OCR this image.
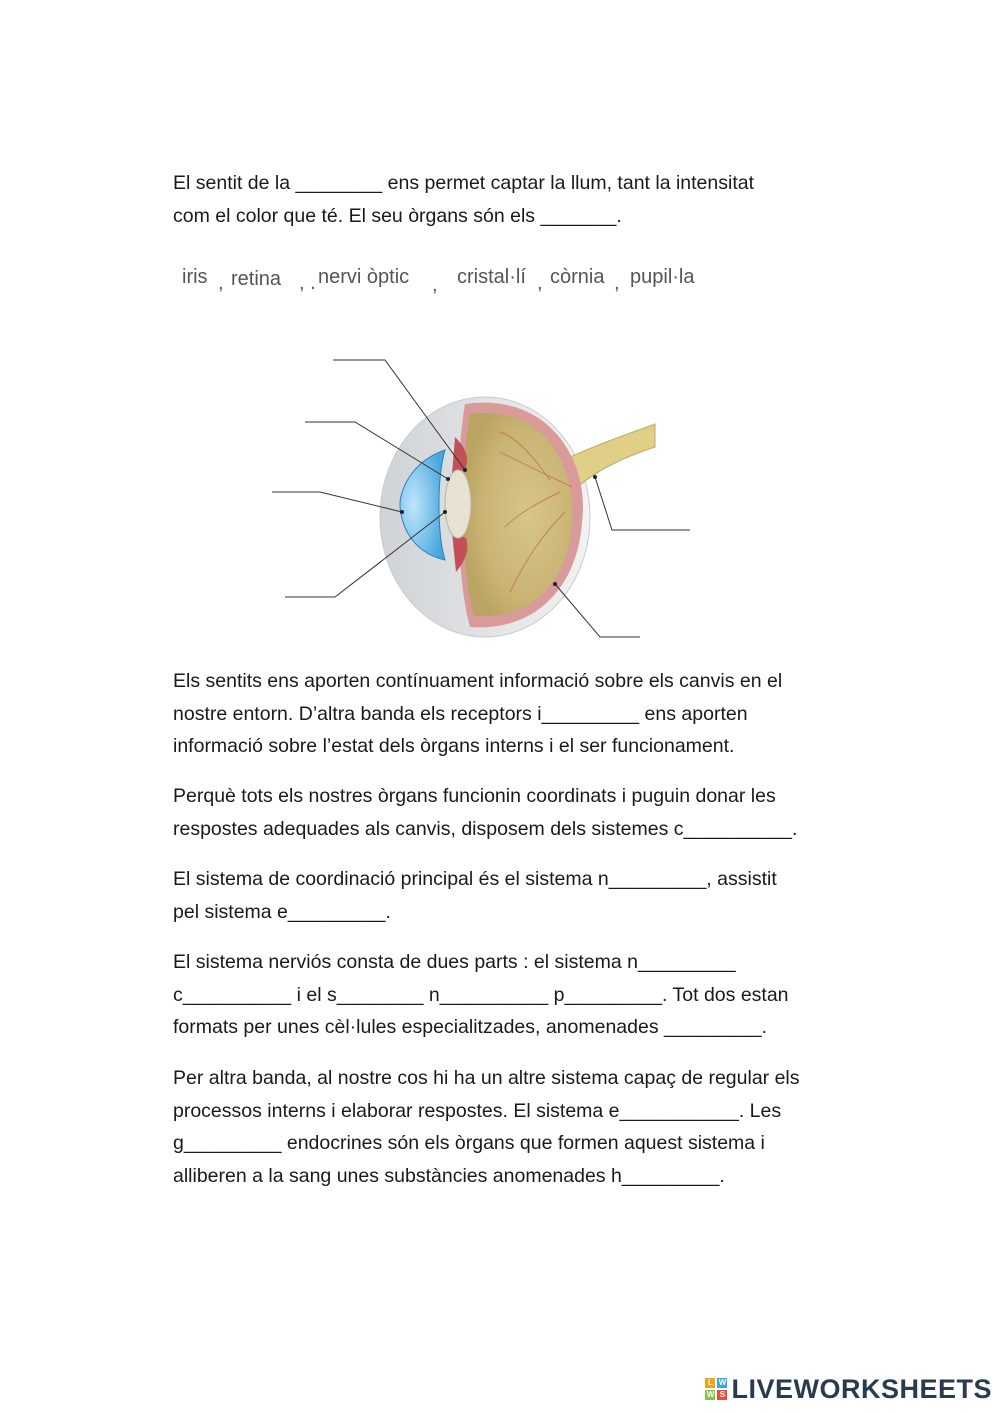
El sentit de la ________ ens permet captar la llum, tant la intensitat
com el color que té. El seu òrgans són els _______.
iris , retina , . nervi òptic , cristal·lí , còrnia , pupil·la
Els sentits ens aporten contínuament informació sobre els canvis en el
nostre entorn. D’altra banda els receptors i_________ ens aporten
informació sobre l’estat dels òrgans interns i el ser funcionament.
Perquè tots els nostres òrgans funcionin coordinats i puguin donar les
respostes adequades als canvis, disposem dels sistemes c__________.
El sistema de coordinació principal és el sistema n_________, assistit
pel sistema e_________.
El sistema nerviós consta de dues parts : el sistema n_________
c__________ i el s________ n__________ p_________. Tot dos estan
formats per unes cèl·lules especialitzades, anomenades _________.
Per altra banda, al nostre cos hi ha un altre sistema capaç de regular els
processos interns i elaborar respostes. El sistema e___________. Les
g_________ endocrines són els òrgans que formen aquest sistema i
alliberen a la sang unes substàncies anomenades h_________.
L W
W S LIVEWORKSHEETS
